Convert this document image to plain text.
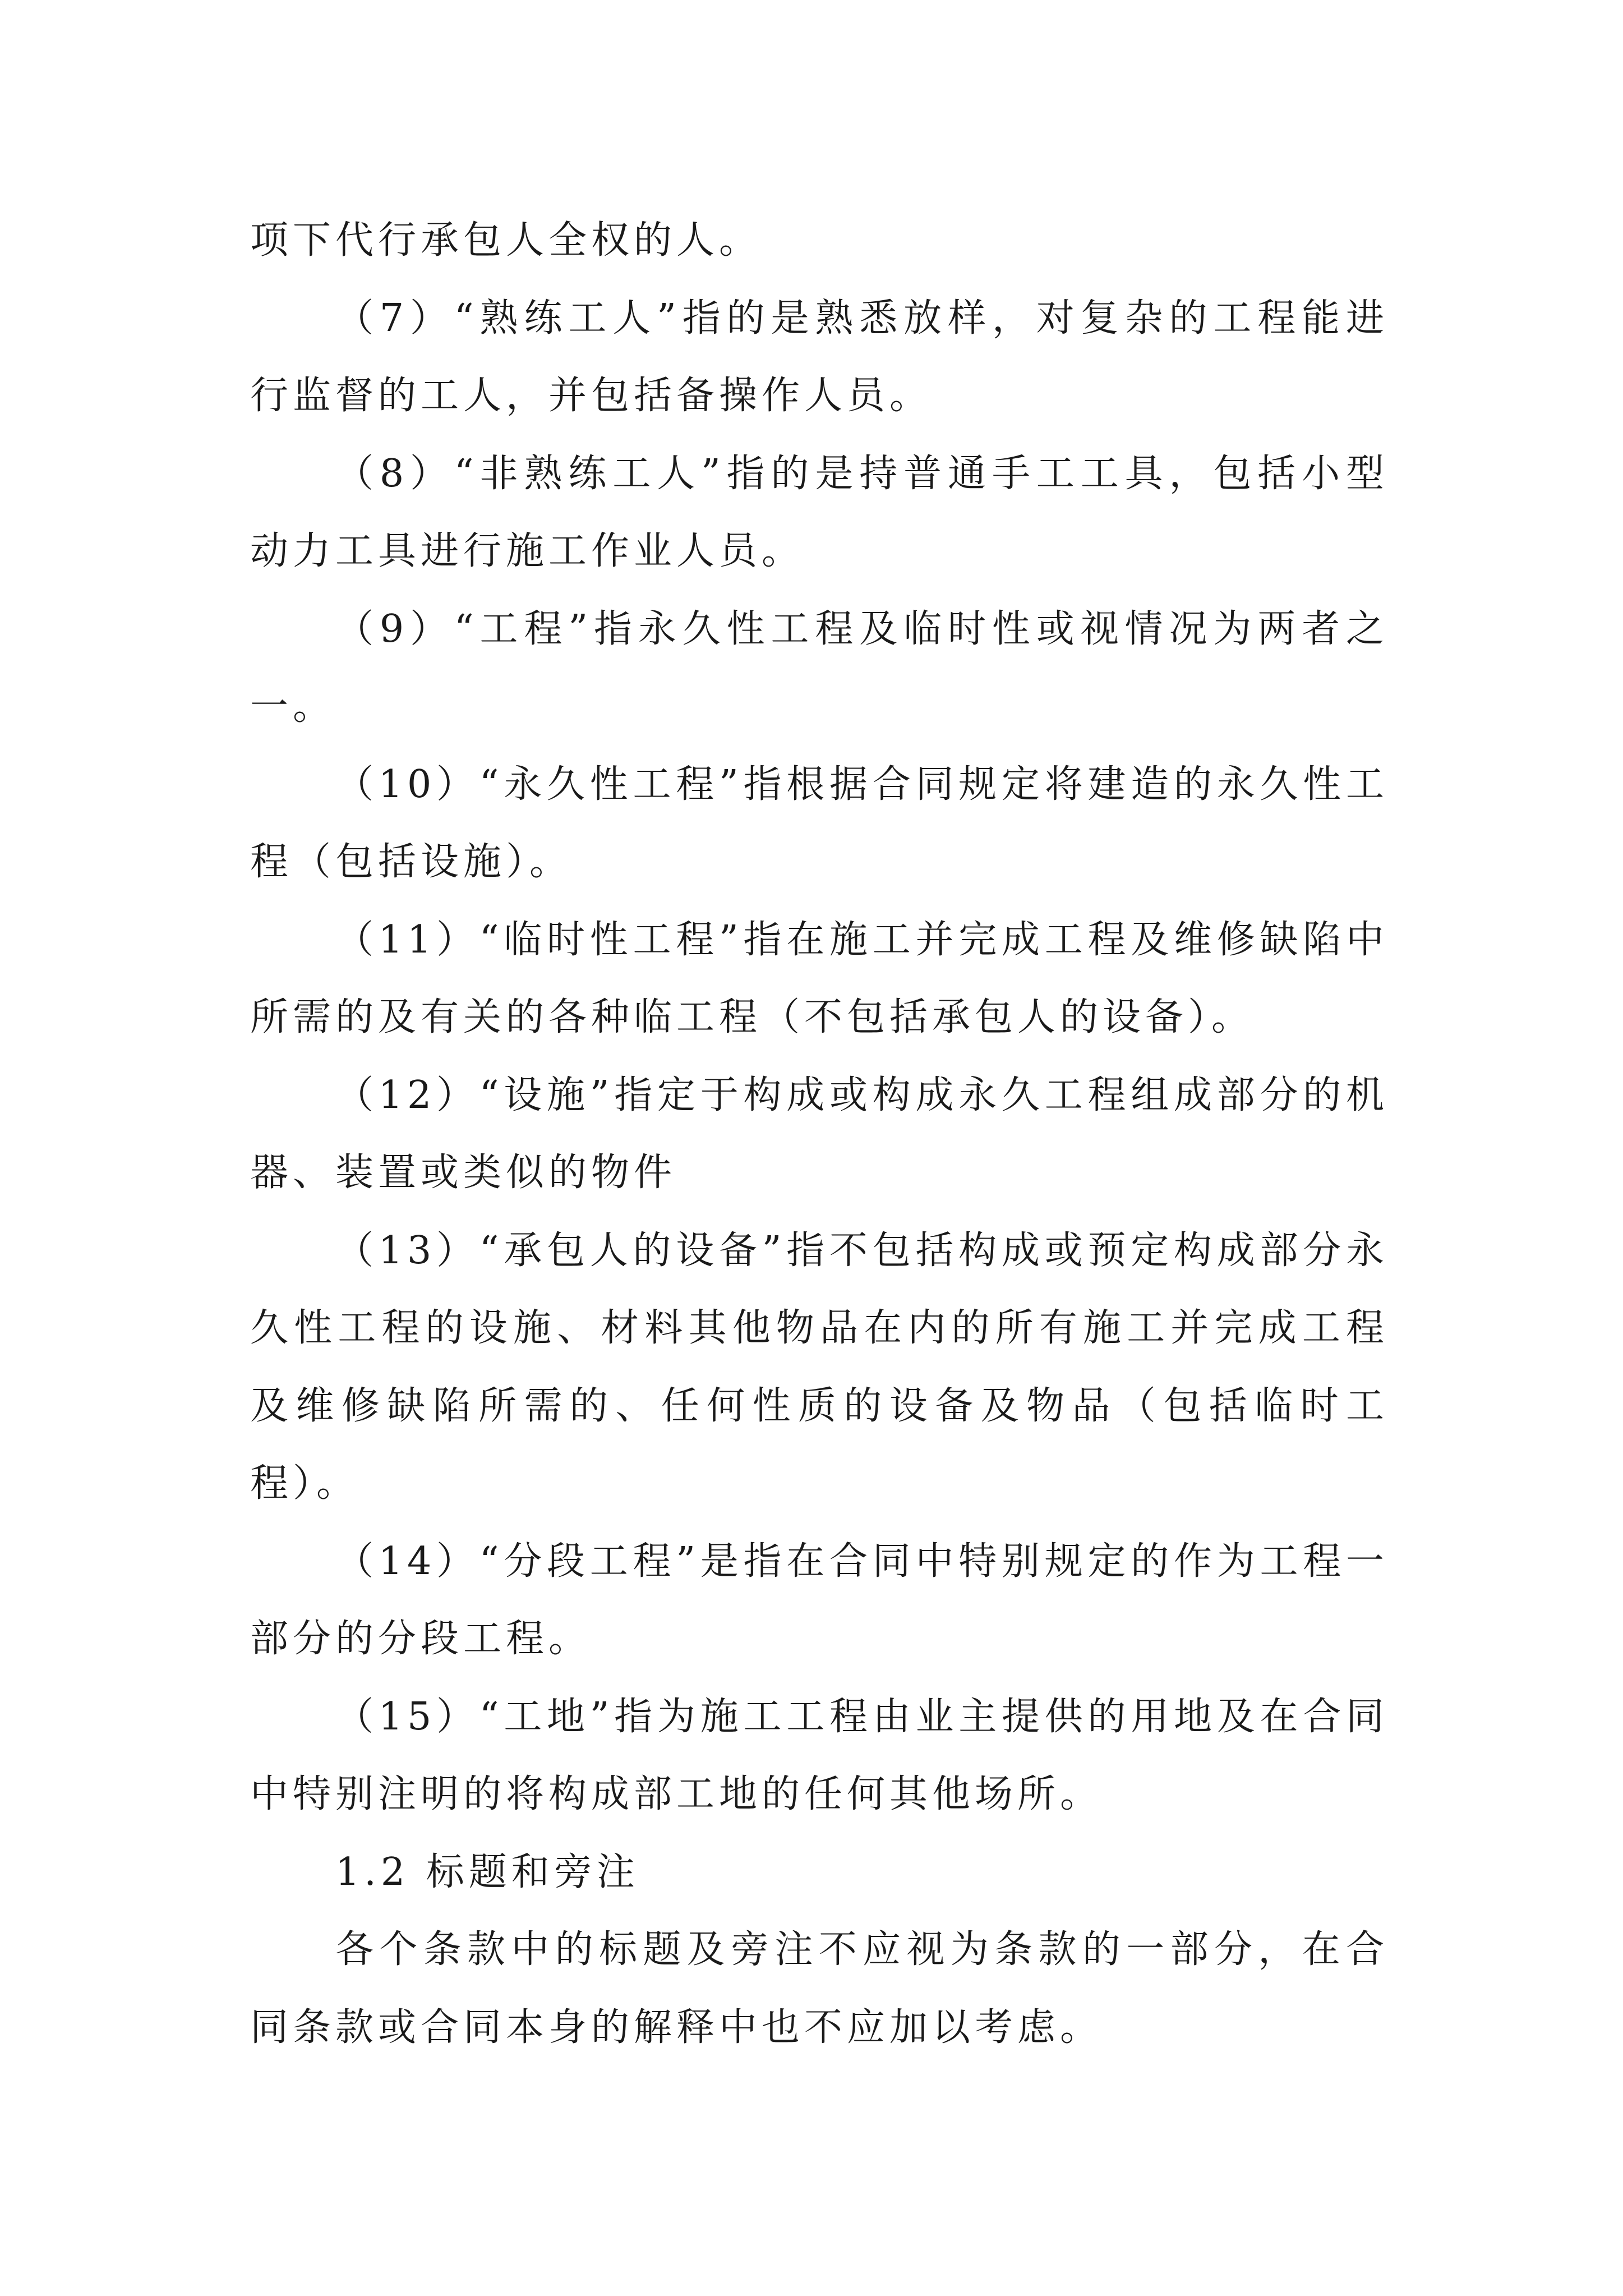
项下代行承包人全权的人。

（7）“熟练工人”指的是熟悉放样，对复杂的工程能进行监督的工人，并包括备操作人员。

（8）“非熟练工人”指的是持普通手工工具，包括小型动力工具进行施工作业人员。

（9）“工程”指永久性工程及临时性或视情况为两者之一。

（10）“永久性工程”指根据合同规定将建造的永久性工程（包括设施）。

（11）“临时性工程”指在施工并完成工程及维修缺陷中所需的及有关的各种临工程（不包括承包人的设备）。

（12）“设施”指定于构成或构成永久工程组成部分的机器、装置或类似的物件

（13）“承包人的设备”指不包括构成或预定构成部分永久性工程的设施、材料其他物品在内的所有施工并完成工程及维修缺陷所需的、任何性质的设备及物品（包括临时工程）。

（14）“分段工程”是指在合同中特别规定的作为工程一部分的分段工程。

（15）“工地”指为施工工程由业主提供的用地及在合同中特别注明的将构成部工地的任何其他场所。

1.2 标题和旁注

各个条款中的标题及旁注不应视为条款的一部分，在合同条款或合同本身的解释中也不应加以考虑。
